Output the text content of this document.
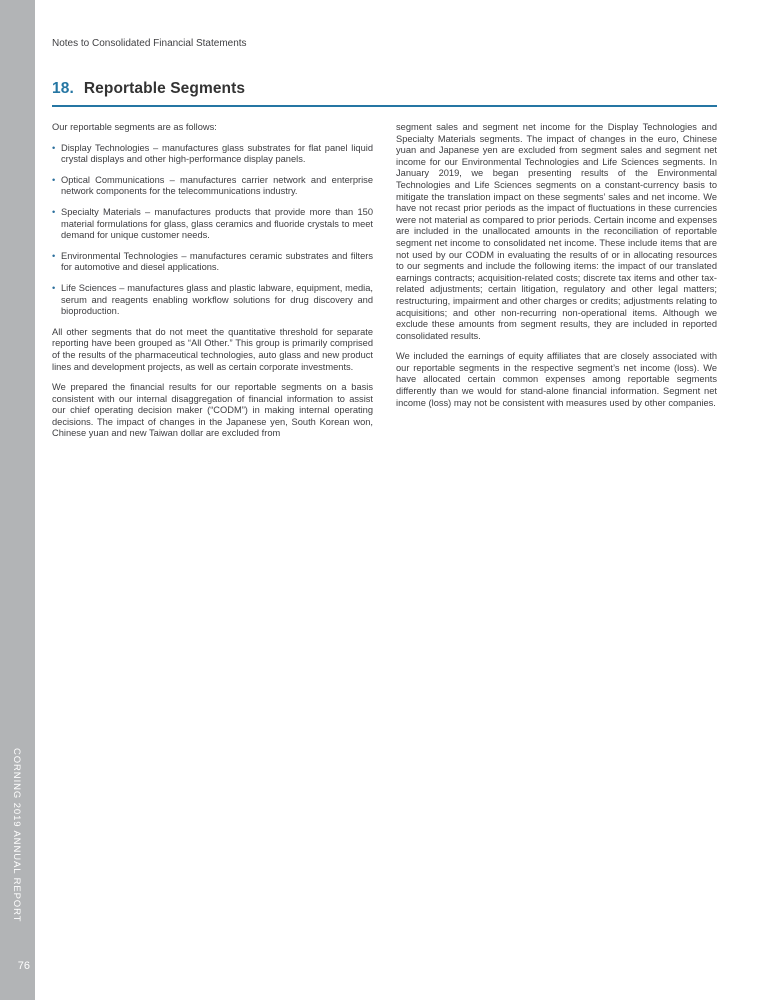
CORNING 2019 ANNUAL REPORT
76
Notes to Consolidated Financial Statements
18. Reportable Segments

Our reportable segments are as follows:

• Display Technologies – manufactures glass substrates for flat panel liquid crystal displays and other high-performance display panels.
• Optical Communications – manufactures carrier network and enterprise network components for the telecommunications industry.
• Specialty Materials – manufactures products that provide more than 150 material formulations for glass, glass ceramics and fluoride crystals to meet demand for unique customer needs.
• Environmental Technologies – manufactures ceramic substrates and filters for automotive and diesel applications.
• Life Sciences – manufactures glass and plastic labware, equipment, media, serum and reagents enabling workflow solutions for drug discovery and bioproduction.

All other segments that do not meet the quantitative threshold for separate reporting have been grouped as “All Other.” This group is primarily comprised of the results of the pharmaceutical technologies, auto glass and new product lines and development projects, as well as certain corporate investments.

We prepared the financial results for our reportable segments on a basis consistent with our internal disaggregation of financial information to assist our chief operating decision maker (“CODM”) in making internal operating decisions. The impact of changes in the Japanese yen, South Korean won, Chinese yuan and new Taiwan dollar are excluded from

segment sales and segment net income for the Display Technologies and Specialty Materials segments. The impact of changes in the euro, Chinese yuan and Japanese yen are excluded from segment sales and segment net income for our Environmental Technologies and Life Sciences segments. In January 2019, we began presenting results of the Environmental Technologies and Life Sciences segments on a constant-currency basis to mitigate the translation impact on these segments’ sales and net income. We have not recast prior periods as the impact of fluctuations in these currencies were not material as compared to prior periods. Certain income and expenses are included in the unallocated amounts in the reconciliation of reportable segment net income to consolidated net income. These include items that are not used by our CODM in evaluating the results of or in allocating resources to our segments and include the following items: the impact of our translated earnings contracts; acquisition-related costs; discrete tax items and other tax-related adjustments; certain litigation, regulatory and other legal matters; restructuring, impairment and other charges or credits; adjustments relating to acquisitions; and other non-recurring non-operational items. Although we exclude these amounts from segment results, they are included in reported consolidated results.

We included the earnings of equity affiliates that are closely associated with our reportable segments in the respective segment’s net income (loss). We have allocated certain common expenses among reportable segments differently than we would for stand-alone financial information. Segment net income (loss) may not be consistent with measures used by other companies.
